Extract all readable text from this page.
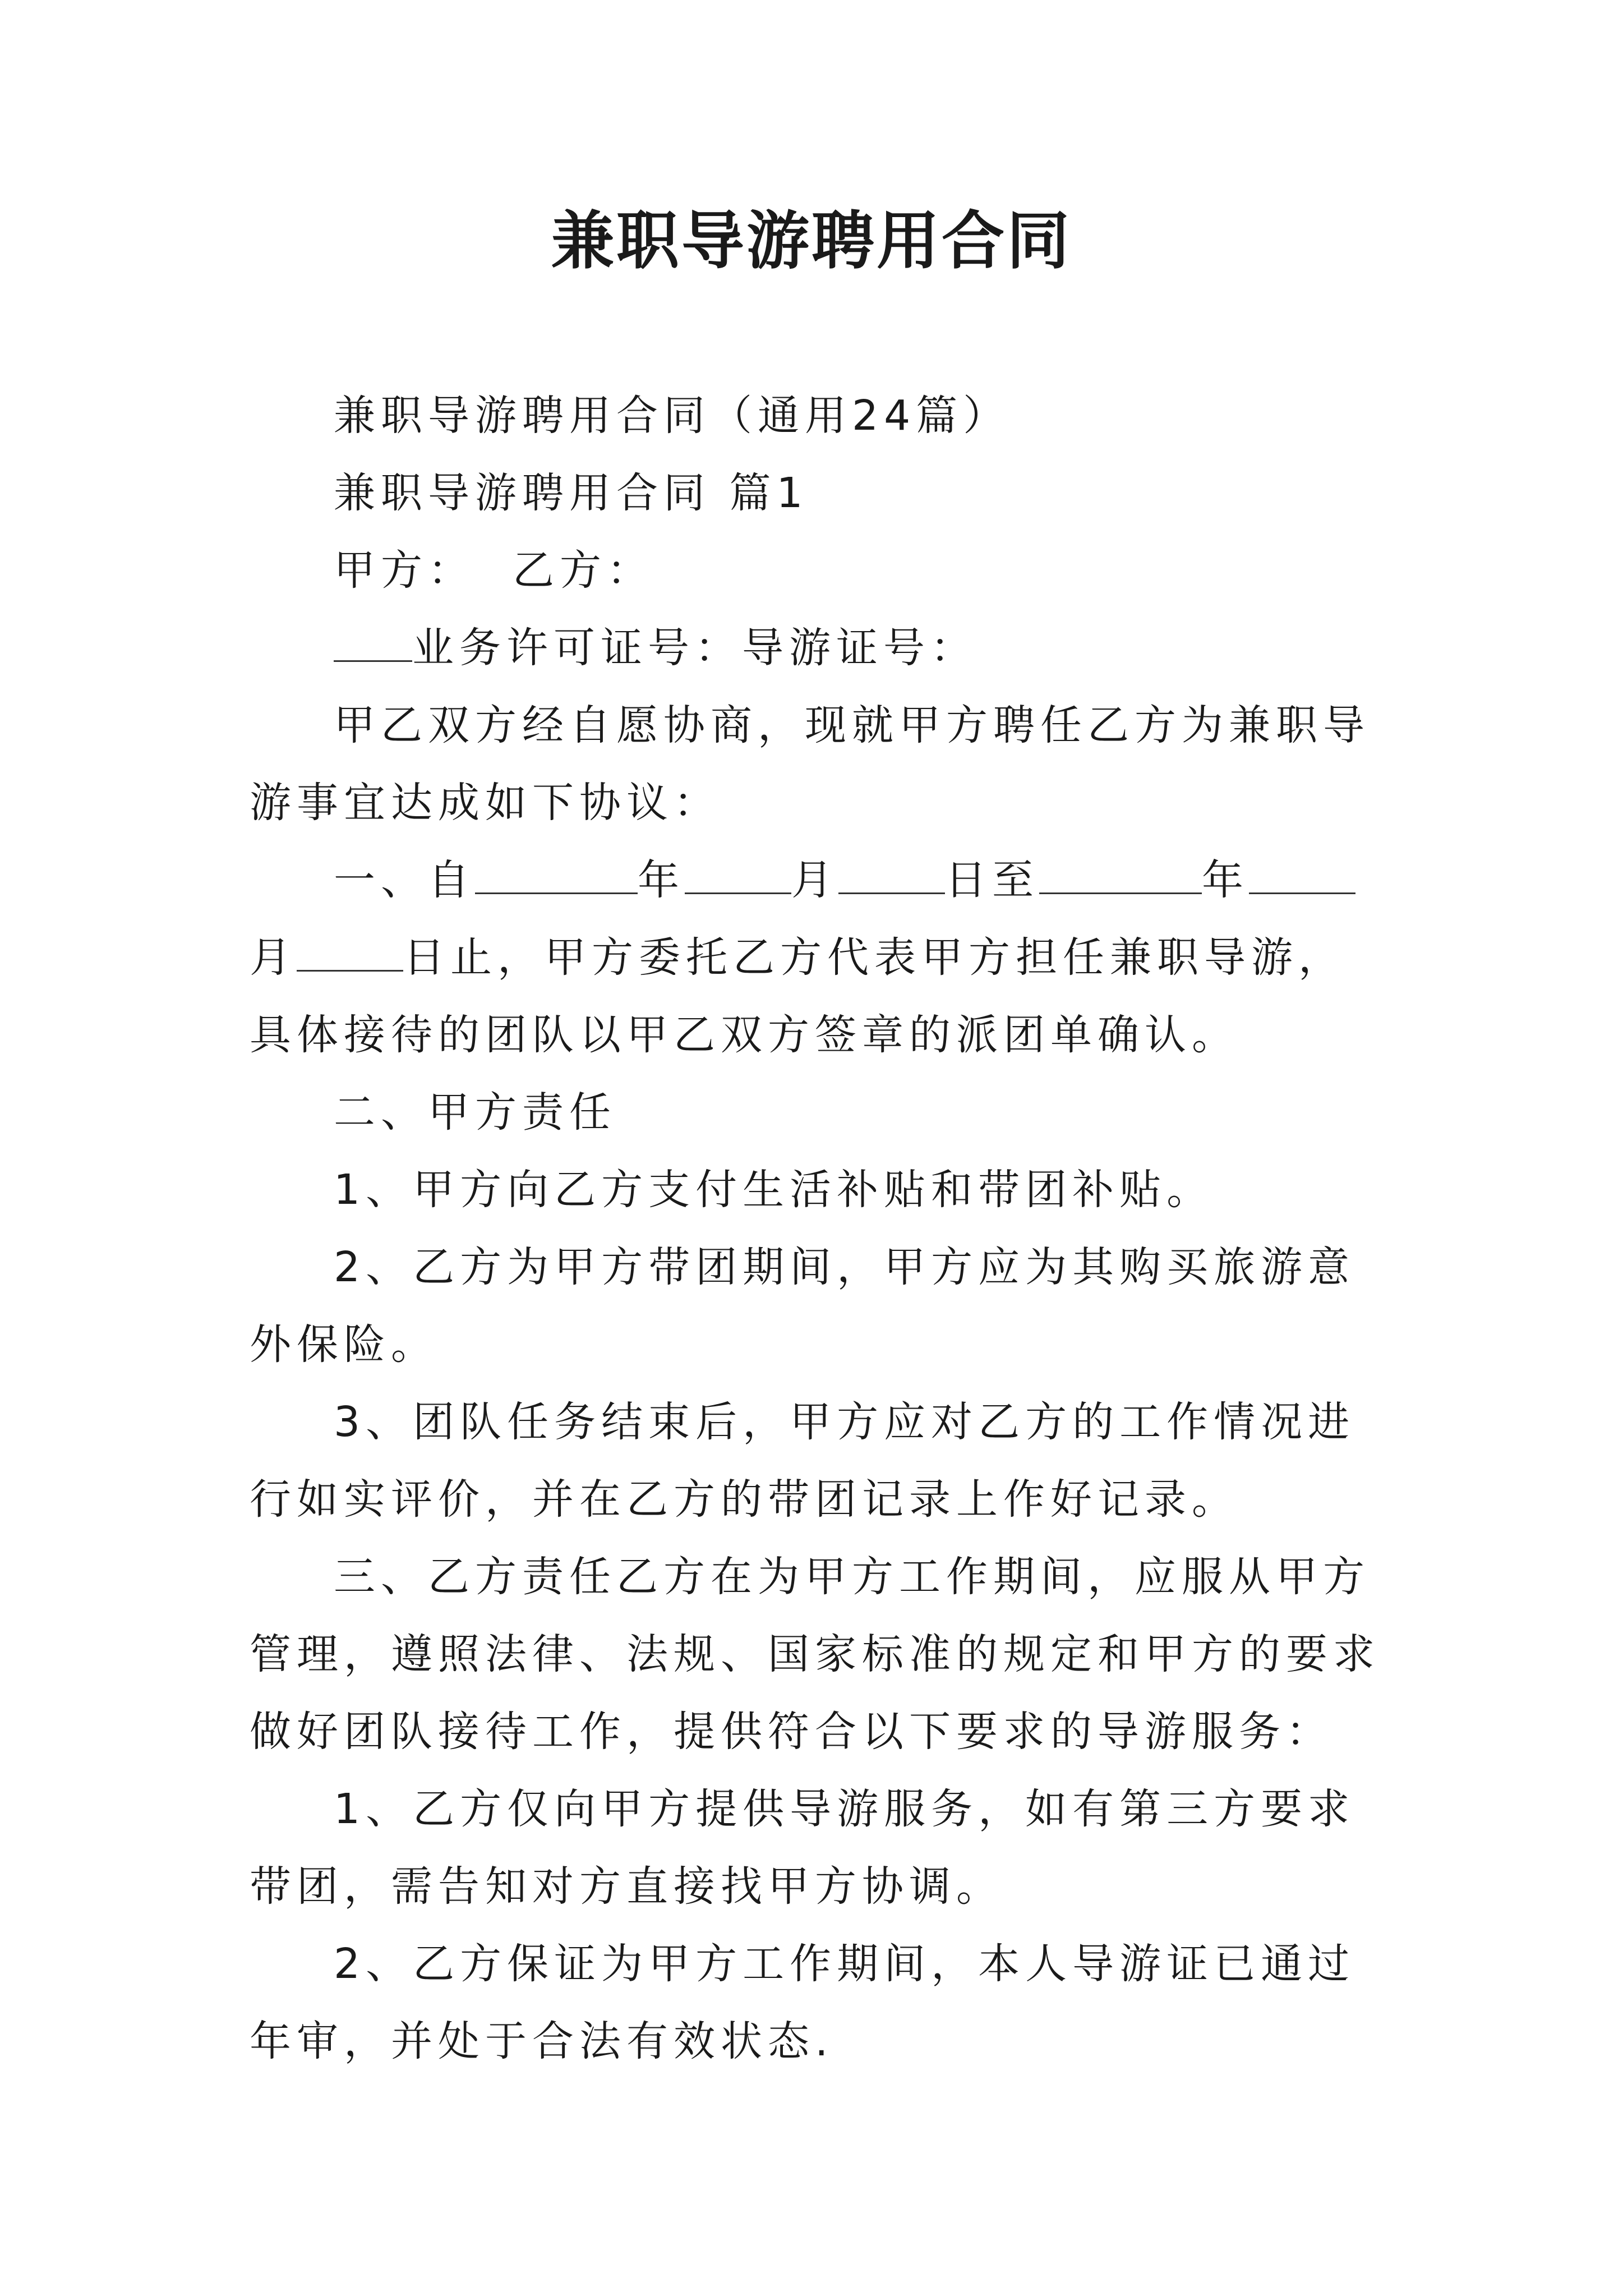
兼职导游聘用合同

兼职导游聘用合同（通用24篇）

兼职导游聘用合同 篇1

甲方：  乙方：

业务许可证号：导游证号：

甲乙双方经自愿协商，现就甲方聘任乙方为兼职导游事宜达成如下协议：

一、自	年	月	日至	年月	日止，甲方委托乙方代表甲方担任兼职导游，具体接待的团队以甲乙双方签章的派团单确认。

二、甲方责任

1、甲方向乙方支付生活补贴和带团补贴。

2、乙方为甲方带团期间，甲方应为其购买旅游意外保险。

3、团队任务结束后，甲方应对乙方的工作情况进行如实评价，并在乙方的带团记录上作好记录。

三、乙方责任乙方在为甲方工作期间，应服从甲方管理，遵照法律、法规、国家标准的规定和甲方的要求做好团队接待工作，提供符合以下要求的导游服务：

1、乙方仅向甲方提供导游服务，如有第三方要求带团，需告知对方直接找甲方协调。

2、乙方保证为甲方工作期间，本人导游证已通过年审，并处于合法有效状态.
